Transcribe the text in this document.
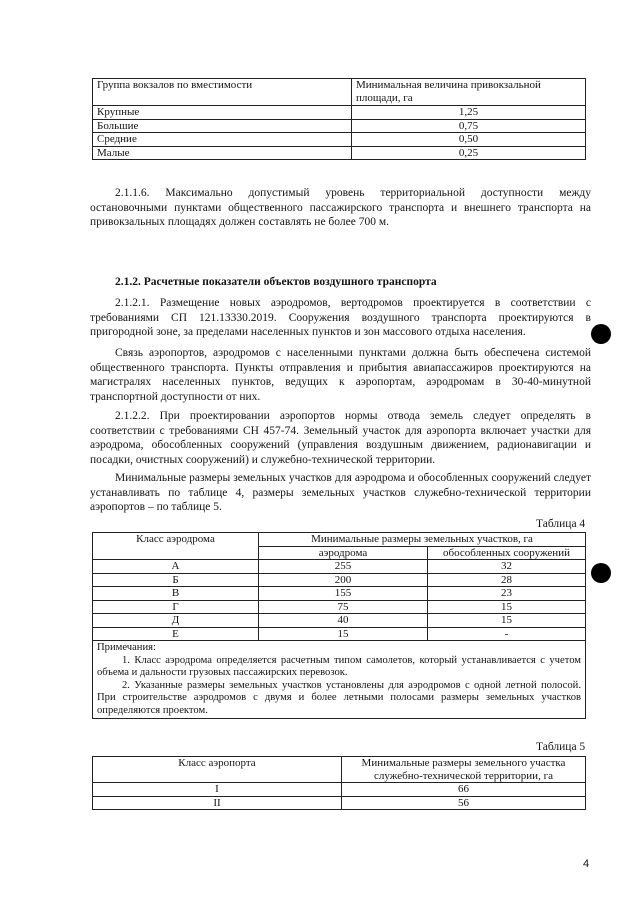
Группа вокзалов по вместимости	Минимальная величина привокзальной площади, га
Крупные	1,25
Большие	0,75
Средние	0,50
Малые	0,25

2.1.1.6. Максимально допустимый уровень территориальной доступности между остановочными пунктами общественного пассажирского транспорта и внешнего транспорта на привокзальных площадях должен составлять не более 700 м.

2.1.2. Расчетные показатели объектов воздушного транспорта

2.1.2.1. Размещение новых аэродромов, вертодромов проектируется в соответствии с требованиями СП 121.13330.2019. Сооружения воздушного транспорта проектируются в пригородной зоне, за пределами населенных пунктов и зон массового отдыха населения.

Связь аэропортов, аэродромов с населенными пунктами должна быть обеспечена системой общественного транспорта. Пункты отправления и прибытия авиапассажиров проектируются на магистралях населенных пунктов, ведущих к аэропортам, аэродромам в 30-40-минутной транспортной доступности от них.

2.1.2.2. При проектировании аэропортов нормы отвода земель следует определять в соответствии с требованиями СН 457-74. Земельный участок для аэропорта включает участки для аэродрома, обособленных сооружений (управления воздушным движением, радионавигации и посадки, очистных сооружений) и служебно-технической территории.

Минимальные размеры земельных участков для аэродрома и обособленных сооружений следует устанавливать по таблице 4, размеры земельных участков служебно-технической территории аэропортов – по таблице 5.

Таблица 4
Класс аэродрома	Минимальные размеры земельных участков, га	
	аэродрома	обособленных сооружений
А	255	32
Б	200	28
В	155	23
Г	75	15
Д	40	15
Е	15	-

Примечания:
1. Класс аэродрома определяется расчетным типом самолетов, который устанавливается с учетом объема и дальности грузовых пассажирских перевозок.
2. Указанные размеры земельных участков установлены для аэродромов с одной летной полосой. При строительстве аэродромов с двумя и более летными полосами размеры земельных участков определяются проектом.		
Таблица 5
Класс аэропорта	Минимальные размеры земельного участка служебно-технической территории, га
I	66
II	56
4
